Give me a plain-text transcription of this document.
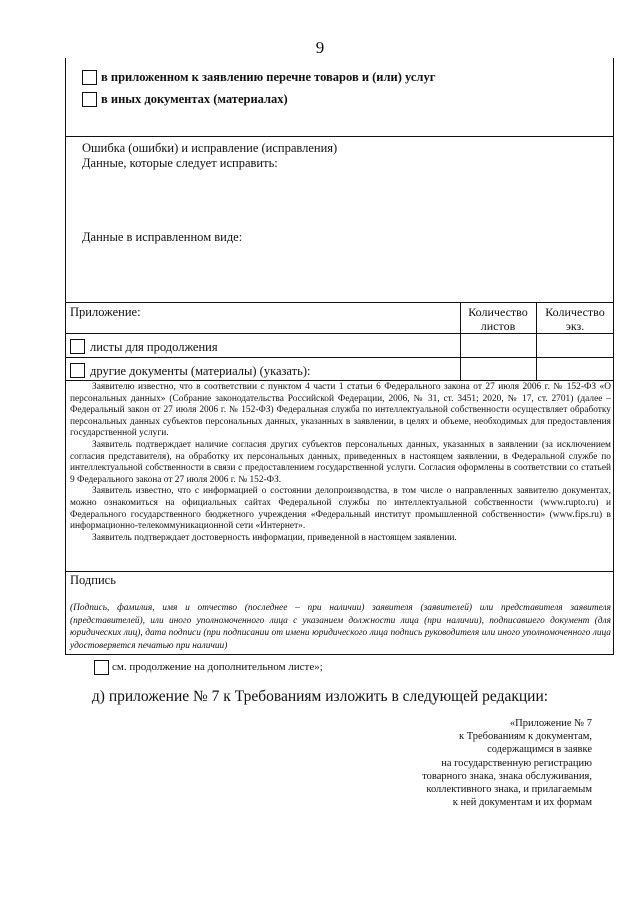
9
в приложенном к заявлению перечне товаров и (или) услуг
в иных документах (материалах)
Ошибка (ошибки) и исправление (исправления)
Данные, которые следует исправить:
Данные в исправленном виде:
Приложение:	Количество листов
Количество экз.
листы для продолжения
другие документы (материалы) (указать):

Заявителю известно, что в соответствии с пунктом 4 части 1 статьи 6 Федерального закона от 27 июля 2006 г. № 152-ФЗ «О персональных данных» (Собрание законодательства Российской Федерации, 2006, № 31, ст. 3451; 2020, № 17, ст. 2701) (далее – Федеральный закон от 27 июля 2006 г. № 152-ФЗ) Федеральная служба по интеллектуальной собственности осуществляет обработку персональных данных субъектов персональных данных, указанных в заявлении, в целях и объеме, необходимых для предоставления государственной услуги.

Заявитель подтверждает наличие согласия других субъектов персональных данных, указанных в заявлении (за исключением согласия представителя), на обработку их персональных данных, приведенных в настоящем заявлении, в Федеральной службе по интеллектуальной собственности в связи с предоставлением государственной услуги. Согласия оформлены в соответствии со статьей 9 Федерального закона от 27 июля 2006 г. № 152-ФЗ.

Заявитель известно, что с информацией о состоянии делопроизводства, в том числе о направленных заявителю документах, можно ознакомиться на официальных сайтах Федеральной службы по интеллектуальной собственности (www.rupto.ru) и Федерального государственного бюджетного учреждения «Федеральный институт промышленной собственности» (www.fips.ru) в информационно-телекоммуникационной сети «Интернет».

Заявитель подтверждает достоверность информации, приведенной в настоящем заявлении.

Подпись
(Подпись, фамилия, имя и отчество (последнее – при наличии) заявителя (заявителей) или представителя заявителя (представителей), или иного уполномоченного лица с указанием должности лица (при наличии), подписавшего документ (для юридических лиц), дата подписи (при подписании от имени юридического лица подпись руководителя или иного уполномоченного лица удостоверяется печатью при наличии)
см. продолжение на дополнительном листе»;
д) приложение № 7 к Требованиям изложить в следующей редакции:
«Приложение № 7
к Требованиям к документам,
содержащимся в заявке
на государственную регистрацию
товарного знака, знака обслуживания,
коллективного знака, и прилагаемым
к ней документам и их формам
